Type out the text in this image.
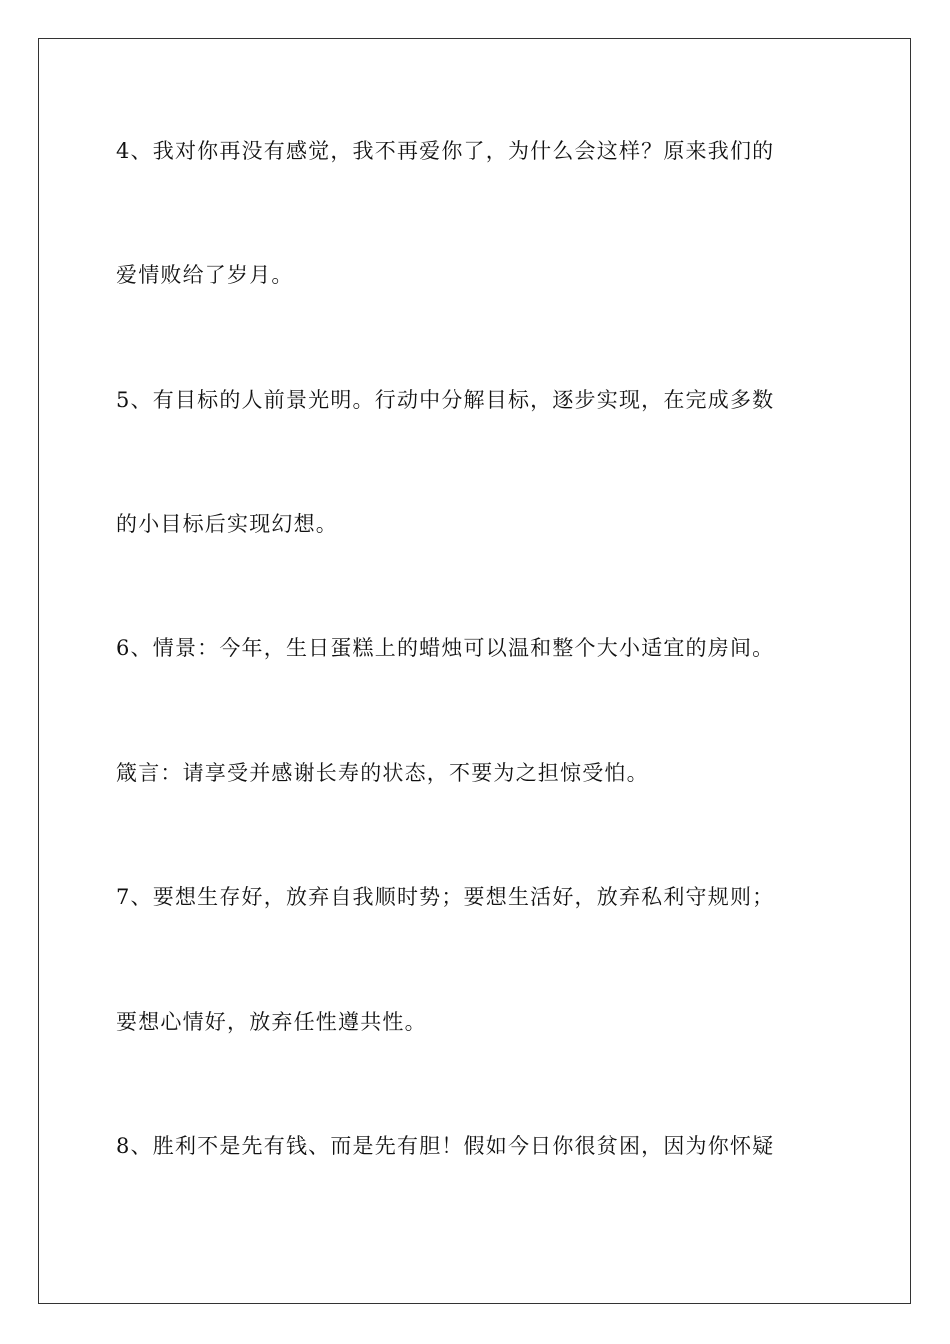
4、我对你再没有感觉，我不再爱你了，为什么会这样？原来我们的

爱情败给了岁月。

5、有目标的人前景光明。行动中分解目标，逐步实现，在完成多数

的小目标后实现幻想。

6、情景：今年，生日蛋糕上的蜡烛可以温和整个大小适宜的房间。

箴言：请享受并感谢长寿的状态，不要为之担惊受怕。

7、要想生存好，放弃自我顺时势；要想生活好，放弃私利守规则；

要想心情好，放弃任性遵共性。

8、胜利不是先有钱、而是先有胆！假如今日你很贫困，因为你怀疑
